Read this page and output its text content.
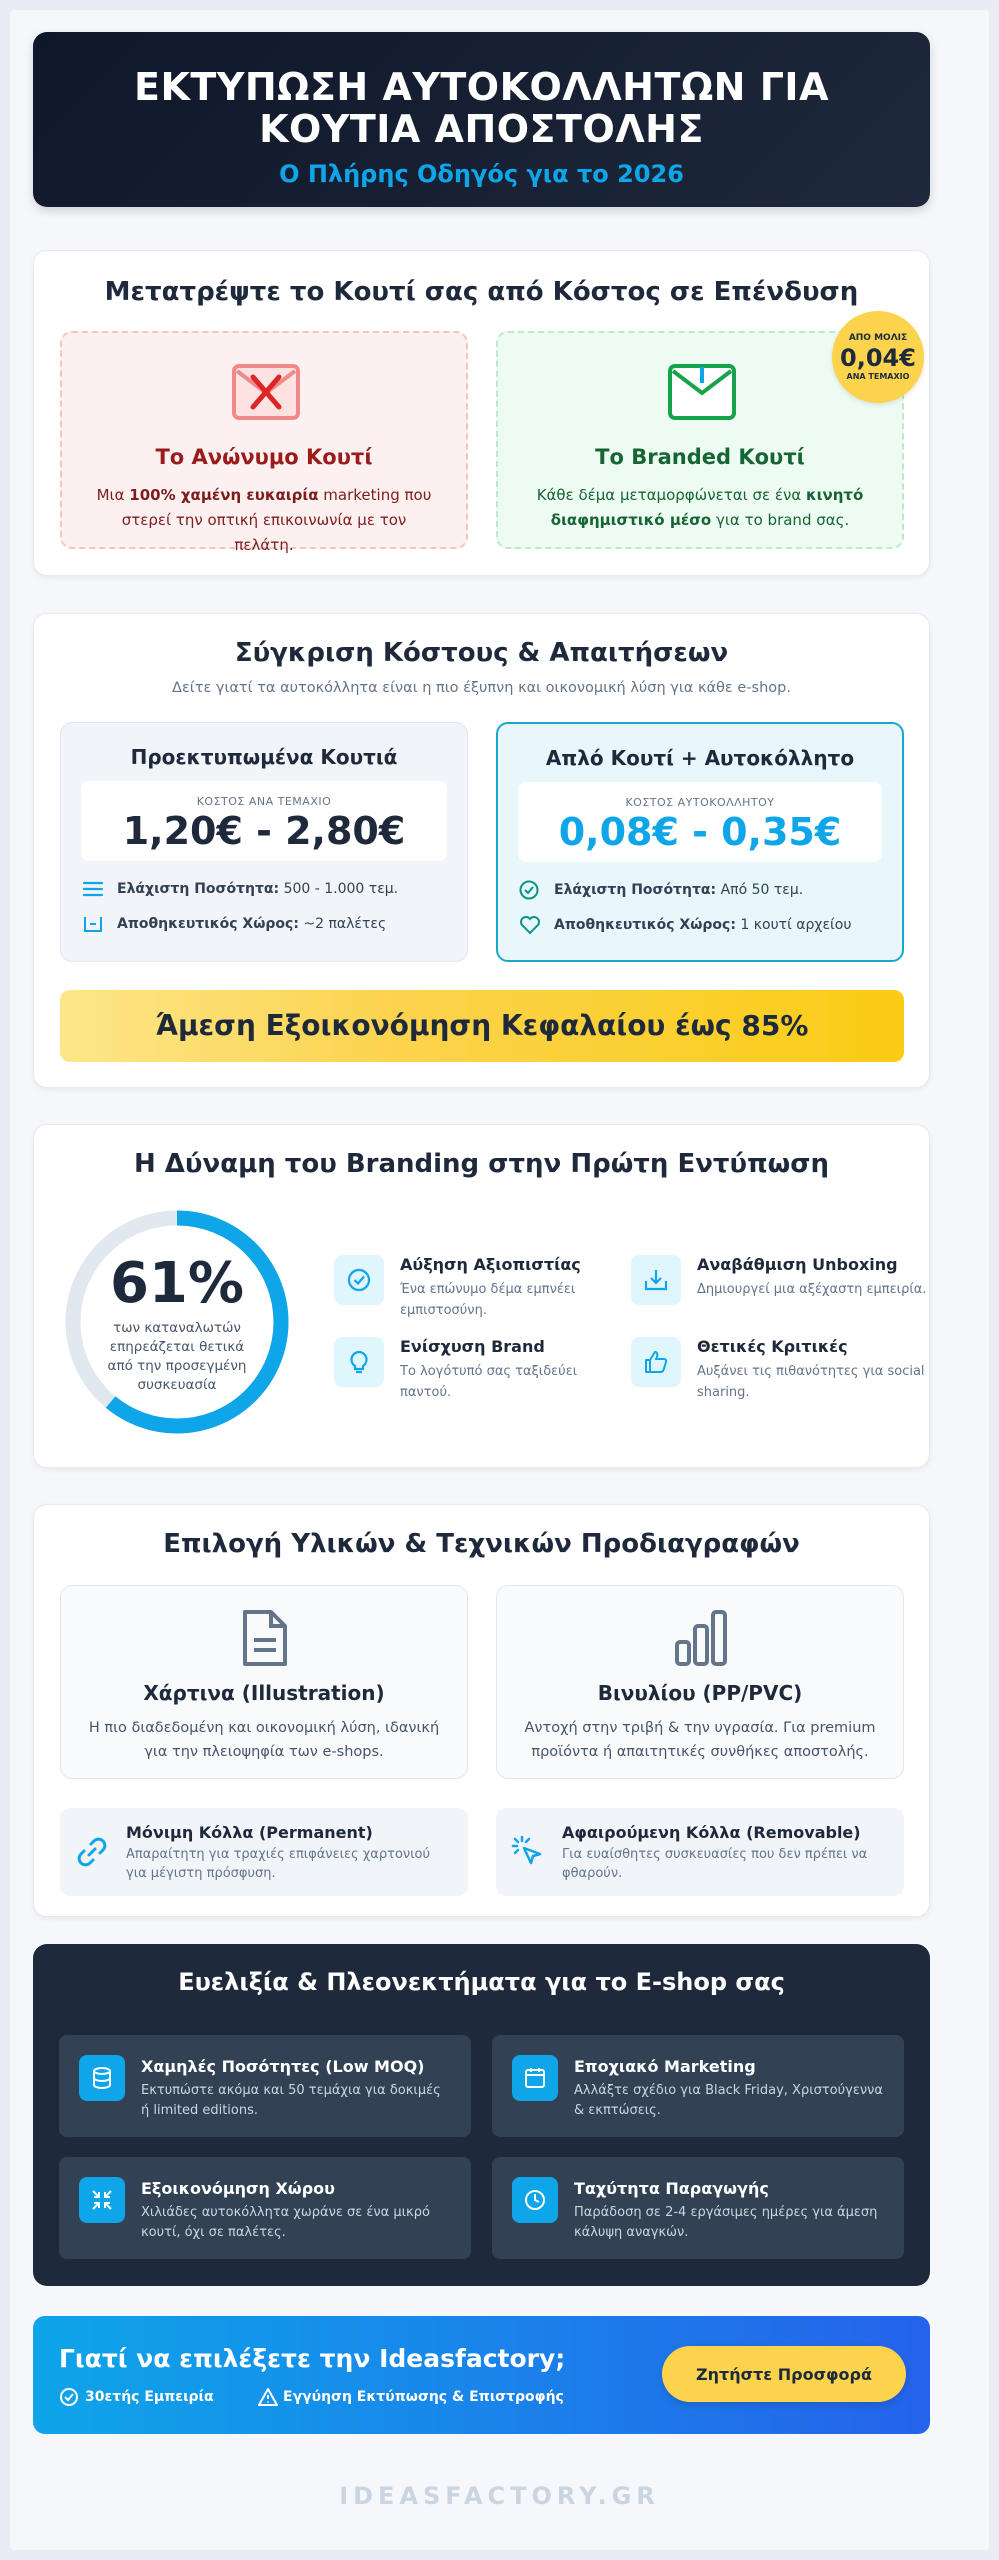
ΕΚΤΥΠΩΣΗ ΑΥΤΟΚΟΛΛΗΤΩΝ ΓΙΑ
ΚΟΥΤΙΑ ΑΠΟΣΤΟΛΗΣ
Ο Πλήρης Οδηγός για το 2026
Μετατρέψτε το Κουτί σας από Κόστος σε Επένδυση
Το Ανώνυμο Κουτί
Μια 100% χαμένη ευκαιρία marketing που στερεί την οπτική επικοινωνία με τον πελάτη.
Το Branded Κουτί
Κάθε δέμα μεταμορφώνεται σε ένα κινητό διαφημιστικό μέσο για το brand σας.
ΑΠΟ ΜΟΛΙΣ
0,04€
ΑΝΑ ΤΕΜΑΧΙΟ
Σύγκριση Κόστους & Απαιτήσεων
Δείτε γιατί τα αυτοκόλλητα είναι η πιο έξυπνη και οικονομική λύση για κάθε e-shop.
Προεκτυπωμένα Κουτιά
ΚΟΣΤΟΣ ΑΝΑ ΤΕΜΑΧΙΟ
1,20€ - 2,80€
Ελάχιστη Ποσότητα: 500 - 1.000 τεμ.
Αποθηκευτικός Χώρος: ~2 παλέτες
Απλό Κουτί + Αυτοκόλλητο
ΚΟΣΤΟΣ ΑΥΤΟΚΟΛΛΗΤΟΥ
0,08€ - 0,35€
Ελάχιστη Ποσότητα: Από 50 τεμ.
Αποθηκευτικός Χώρος: 1 κουτί αρχείου
Άμεση Εξοικονόμηση Κεφαλαίου έως 85%
Η Δύναμη του Branding στην Πρώτη Εντύπωση
61%
των καταναλωτών
επηρεάζεται θετικά
από την προσεγμένη
συσκευασία
Αύξηση Αξιοπιστίας
Ένα επώνυμο δέμα εμπνέει εμπιστοσύνη.
Αναβάθμιση Unboxing
Δημιουργεί μια αξέχαστη εμπειρία.
Ενίσχυση Brand
Το λογότυπό σας ταξιδεύει παντού.
Θετικές Κριτικές
Αυξάνει τις πιθανότητες για social sharing.
Επιλογή Υλικών & Τεχνικών Προδιαγραφών
Χάρτινα (Illustration)
Η πιο διαδεδομένη και οικονομική λύση, ιδανική για την πλειοψηφία των e-shops.
Βινυλίου (PP/PVC)
Αντοχή στην τριβή & την υγρασία. Για premium προϊόντα ή απαιτητικές συνθήκες αποστολής.
Μόνιμη Κόλλα (Permanent)
Απαραίτητη για τραχιές επιφάνειες χαρτονιού για μέγιστη πρόσφυση.
Αφαιρούμενη Κόλλα (Removable)
Για ευαίσθητες συσκευασίες που δεν πρέπει να φθαρούν.
Ευελιξία & Πλεονεκτήματα για το E-shop σας
Χαμηλές Ποσότητες (Low MOQ)
Εκτυπώστε ακόμα και 50 τεμάχια για δοκιμές ή limited editions.
Εποχιακό Marketing
Αλλάξτε σχέδιο για Black Friday, Χριστούγεννα & εκπτώσεις.
Εξοικονόμηση Χώρου
Χιλιάδες αυτοκόλλητα χωράνε σε ένα μικρό κουτί, όχι σε παλέτες.
Ταχύτητα Παραγωγής
Παράδοση σε 2-4 εργάσιμες ημέρες για άμεση κάλυψη αναγκών.
Γιατί να επιλέξετε την Ideasfactory;
30ετής Εμπειρία	Εγγύηση Εκτύπωσης & Επιστροφής
Ζητήστε Προσφορά
IDEASFACTORY.GR
